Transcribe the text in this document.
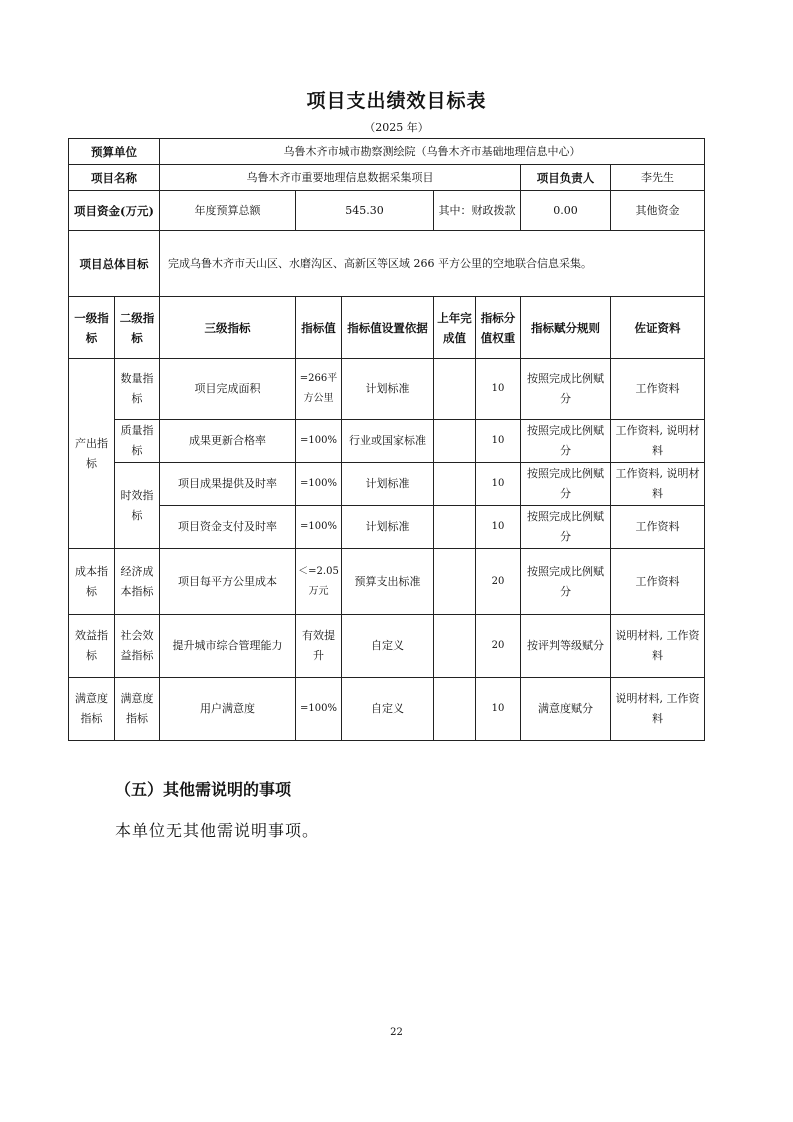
项目支出绩效目标表
（2025 年）
预算单位		乌鲁木齐市城市勘察测绘院（乌鲁木齐市基础地理信息中心）						
项目名称		乌鲁木齐市重要地理信息数据采集项目					项目负责人	李先生
项目资金(万元)		年度预算总额	545.30		其中：财政拨款		0.00	其他资金
项目总体目标		完成乌鲁木齐市天山区、水磨沟区、高新区等区域 266 平方公里的空地联合信息采集。						
一级指标	二级指标	三级指标	指标值	指标值设置依据	上年完成值	指标分值权重	指标赋分规则	佐证资料
产出指标	数量指标	项目完成面积	=266平方公里	计划标准		10	按照完成比例赋分	工作资料
	质量指标	成果更新合格率	=100%	行业或国家标准		10	按照完成比例赋分	工作资料, 说明材料
	时效指标	项目成果提供及时率	=100%	计划标准		10	按照完成比例赋分	工作资料, 说明材料
		项目资金支付及时率	=100%	计划标准		10	按照完成比例赋分	工作资料
成本指标	经济成本指标	项目每平方公里成本	＜=2.05万元	预算支出标准		20	按照完成比例赋分	工作资料
效益指标	社会效益指标	提升城市综合管理能力	有效提升	自定义		20	按评判等级赋分	说明材料, 工作资料
满意度指标	满意度指标	用户满意度	=100%	自定义		10	满意度赋分	说明材料, 工作资料
（五）其他需说明的事项
本单位无其他需说明事项。
22
